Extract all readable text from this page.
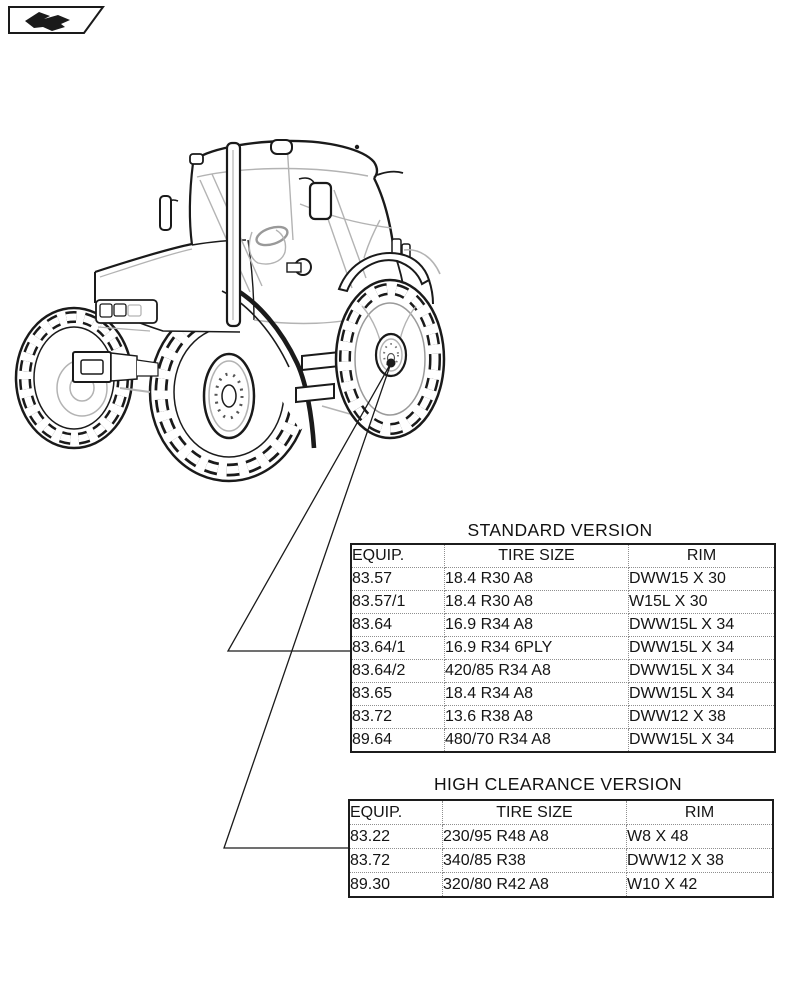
STANDARD VERSION
EQUIP.	TIRE SIZE	RIM
83.57	18.4 R30 A8	DWW15 X 30
83.57/1	18.4 R30 A8	W15L X 30
83.64	16.9 R34 A8	DWW15L X 34
83.64/1	16.9 R34 6PLY	DWW15L X 34
83.64/2	420/85 R34 A8	DWW15L X 34
83.65	18.4 R34 A8	DWW15L X 34
83.72	13.6 R38 A8	DWW12 X 38
89.64	480/70 R34 A8	DWW15L X 34
HIGH CLEARANCE VERSION
EQUIP.	TIRE SIZE	RIM
83.22	230/95 R48 A8	W8 X 48
83.72	340/85 R38	DWW12 X 38
89.30	320/80 R42 A8	W10 X 42
